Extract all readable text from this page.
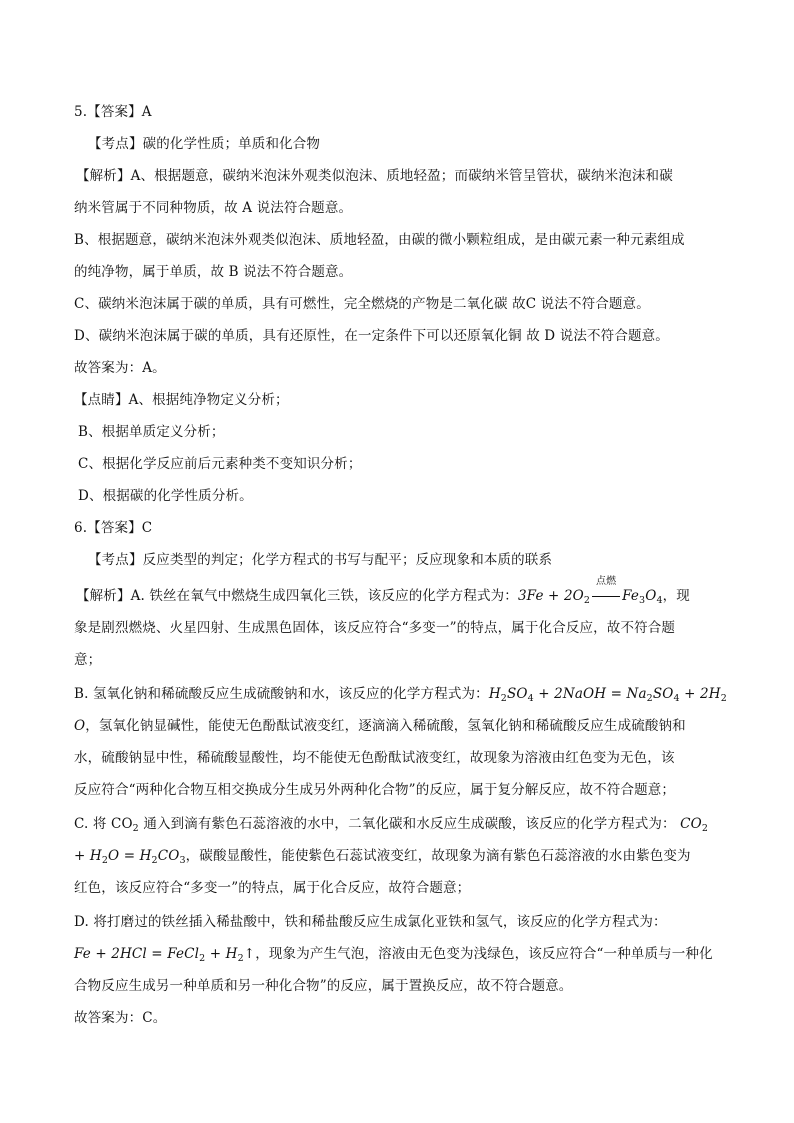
5.【答案】A
【考点】碳的化学性质；单质和化合物
【解析】A、根据题意，碳纳米泡沫外观类似泡沫、质地轻盈；而碳纳米管呈管状，碳纳米泡沫和碳
纳米管属于不同种物质，故 A 说法符合题意。
B、根据题意，碳纳米泡沫外观类似泡沫、质地轻盈，由碳的微小颗粒组成，是由碳元素一种元素组成
的纯净物，属于单质，故 B 说法不符合题意。
C、碳纳米泡沫属于碳的单质，具有可燃性，完全燃烧的产物是二氧化碳 故C 说法不符合题意。
D、碳纳米泡沫属于碳的单质，具有还原性，在一定条件下可以还原氧化铜 故 D 说法不符合题意。
故答案为：A。
【点睛】A、根据纯净物定义分析；
B、根据单质定义分析；
C、根据化学反应前后元素种类不变知识分析；
D、根据碳的化学性质分析。
6.【答案】C
【考点】反应类型的判定；化学方程式的书写与配平；反应现象和本质的联系
【解析】A. 铁丝在氧气中燃烧生成四氧化三铁，该反应的化学方程式为：$3Fe + 2O_2$
点燃
$Fe_3O_4$，现
象是剧烈燃烧、火星四射、生成黑色固体，该反应符合“多变一”的特点，属于化合反应，故不符合题
意；
B. 氢氧化钠和稀硫酸反应生成硫酸钠和水，该反应的化学方程式为：$H_2SO_4$ + 2NaOH = $Na_2SO_4 + 2H_2$
O，氢氧化钠显碱性，能使无色酚酞试液变红，逐滴滴入稀硫酸，氢氧化钠和稀硫酸反应生成硫酸钠和
水，硫酸钠显中性，稀硫酸显酸性，均不能使无色酚酞试液变红，故现象为溶液由红色变为无色，该
反应符合“两种化合物互相交换成分生成另外两种化合物”的反应，属于复分解反应，故不符合题意；
C. 将 $CO_2$ 通入到滴有紫色石蕊溶液的水中，二氧化碳和水反应生成碳酸，该反应的化学方程式为： $CO_2$
+ $H_2O = H_2CO_3$，碳酸显酸性，能使紫色石蕊试液变红，故现象为滴有紫色石蕊溶液的水由紫色变为
红色，该反应符合“多变一”的特点，属于化合反应，故符合题意；
D. 将打磨过的铁丝插入稀盐酸中，铁和稀盐酸反应生成氯化亚铁和氢气，该反应的化学方程式为：
Fe + 2HCl = FeCl$_2$ + $H_2↑$，现象为产生气泡，溶液由无色变为浅绿色，该反应符合“一种单质与一种化
合物反应生成另一种单质和另一种化合物”的反应，属于置换反应，故不符合题意。
故答案为：C。
